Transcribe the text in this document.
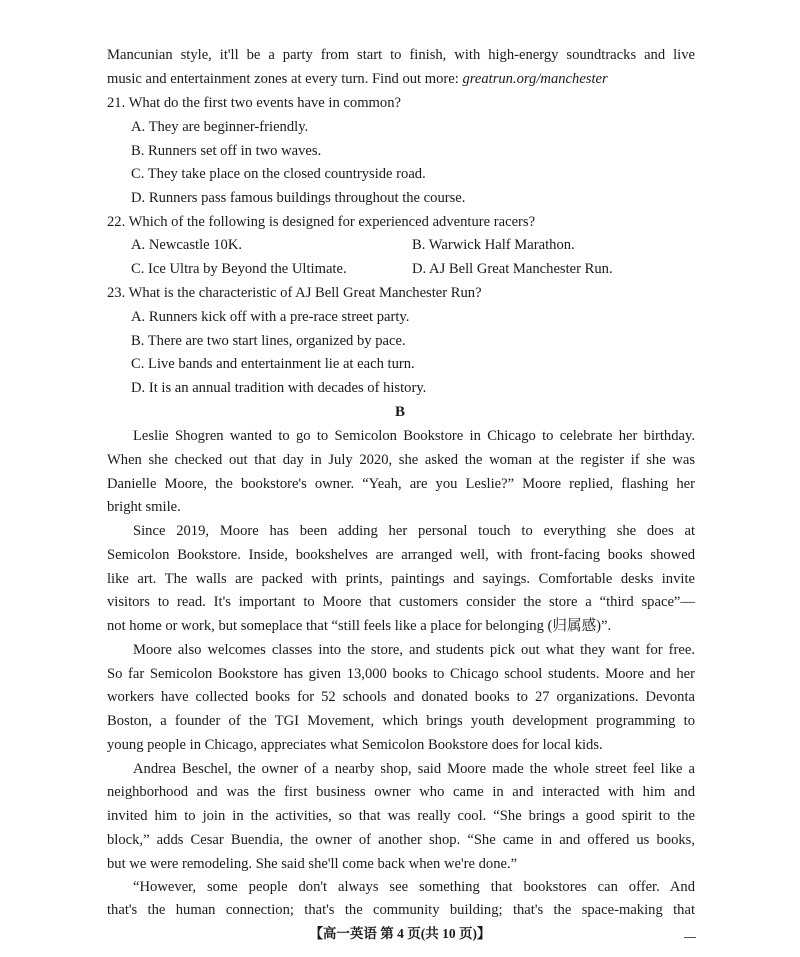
Mancunian style, it'll be a party from start to finish, with high-energy soundtracks and live
music and entertainment zones at every turn. Find out more: greatrun.org/manchester
21. What do the first two events have in common?
A. They are beginner-friendly.
B. Runners set off in two waves.
C. They take place on the closed countryside road.
D. Runners pass famous buildings throughout the course.
22. Which of the following is designed for experienced adventure racers?
A. Newcastle 10K.	B. Warwick Half Marathon.
C. Ice Ultra by Beyond the Ultimate.	D. AJ Bell Great Manchester Run.
23. What is the characteristic of AJ Bell Great Manchester Run?
A. Runners kick off with a pre-race street party.
B. There are two start lines, organized by pace.
C. Live bands and entertainment lie at each turn.
D. It is an annual tradition with decades of history.
B
Leslie Shogren wanted to go to Semicolon Bookstore in Chicago to celebrate her birthday.
When she checked out that day in July 2020, she asked the woman at the register if she was
Danielle Moore, the bookstore's owner. “Yeah, are you Leslie?” Moore replied, flashing her
bright smile.
Since 2019, Moore has been adding her personal touch to everything she does at
Semicolon Bookstore. Inside, bookshelves are arranged well, with front-facing books showed
like art. The walls are packed with prints, paintings and sayings. Comfortable desks invite
visitors to read. It's important to Moore that customers consider the store a “third space”—
not home or work, but someplace that “still feels like a place for belonging (归属感)”.
Moore also welcomes classes into the store, and students pick out what they want for free.
So far Semicolon Bookstore has given 13,000 books to Chicago school students. Moore and her
workers have collected books for 52 schools and donated books to 27 organizations. Devonta
Boston, a founder of the TGI Movement, which brings youth development programming to
young people in Chicago, appreciates what Semicolon Bookstore does for local kids.
Andrea Beschel, the owner of a nearby shop, said Moore made the whole street feel like a
neighborhood and was the first business owner who came in and interacted with him and
invited him to join in the activities, so that was really cool. “She brings a good spirit to the
block,” adds Cesar Buendia, the owner of another shop. “She came in and offered us books,
but we were remodeling. She said she'll come back when we're done.”
“However, some people don't always see something that bookstores can offer. And
that's the human connection; that's the community building; that's the space-making that
【高一英语 第 4 页(共 10 页)】
